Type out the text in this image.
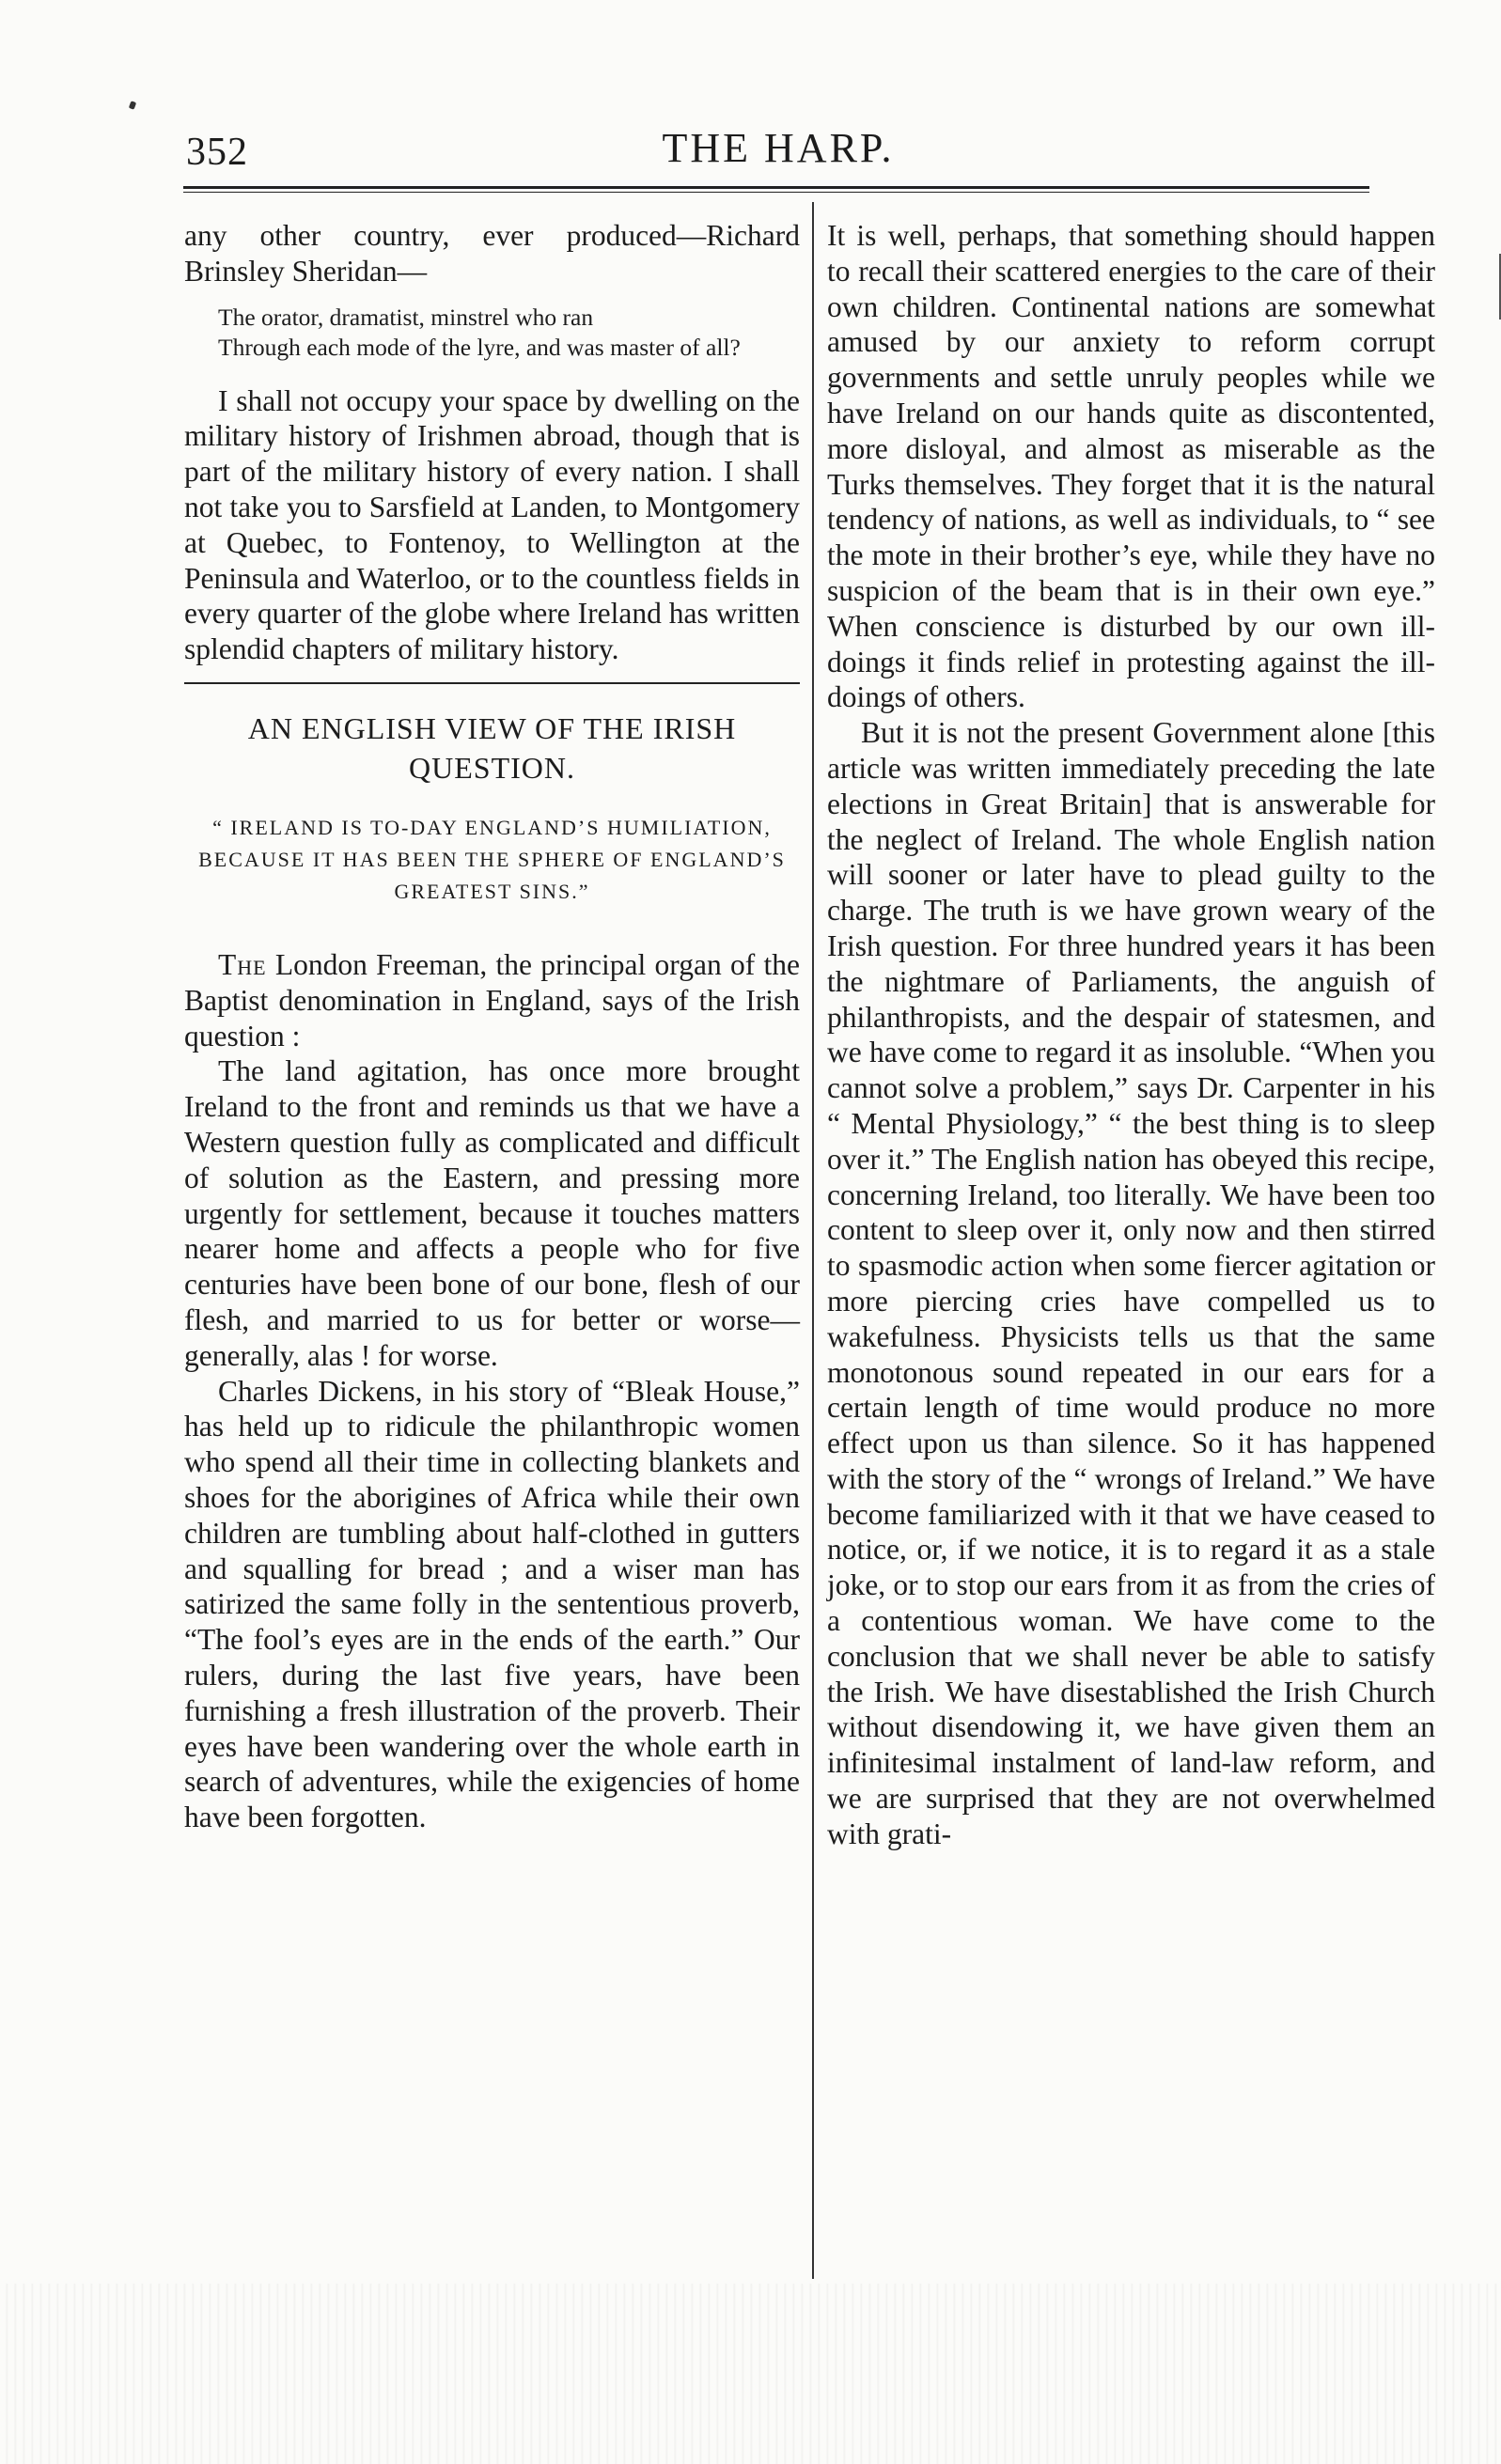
352	THE HARP.

any other country, ever produced—Richard Brinsley Sheridan—

The orator, dramatist, minstrel who ran
Through each mode of the lyre, and was master of all?

I shall not occupy your space by dwelling on the military history of Irishmen abroad, though that is part of the military history of every nation. I shall not take you to Sarsfield at Landen, to Montgomery at Quebec, to Fontenoy, to Wellington at the Peninsula and Waterloo, or to the countless fields in every quarter of the globe where Ireland has written splendid chapters of military history.

AN ENGLISH VIEW OF THE IRISH QUESTION.

“ IRELAND IS TO-DAY ENGLAND’S HUMILIATION, BECAUSE IT HAS BEEN THE SPHERE OF ENGLAND’S GREATEST SINS.”

The London Freeman, the principal organ of the Baptist denomination in England, says of the Irish question :

The land agitation, has once more brought Ireland to the front and reminds us that we have a Western question fully as complicated and difficult of solution as the Eastern, and pressing more urgently for settlement, because it touches matters nearer home and affects a people who for five centuries have been bone of our bone, flesh of our flesh, and married to us for better or worse—generally, alas ! for worse.

Charles Dickens, in his story of “Bleak House,” has held up to ridicule the philanthropic women who spend all their time in collecting blankets and shoes for the aborigines of Africa while their own children are tumbling about half-clothed in gutters and squalling for bread ; and a wiser man has satirized the same folly in the sententious proverb, “The fool’s eyes are in the ends of the earth.” Our rulers, during the last five years, have been furnishing a fresh illustration of the proverb. Their eyes have been wandering over the whole earth in search of adventures, while the exigencies of home have been forgotten.

It is well, perhaps, that something should happen to recall their scattered energies to the care of their own children. Continental nations are somewhat amused by our anxiety to reform corrupt governments and settle unruly peoples while we have Ireland on our hands quite as discontented, more disloyal, and almost as miserable as the Turks themselves. They forget that it is the natural tendency of nations, as well as individuals, to “ see the mote in their brother’s eye, while they have no suspicion of the beam that is in their own eye.” When conscience is disturbed by our own ill-doings it finds relief in protesting against the ill-doings of others.

But it is not the present Government alone [this article was written immediately preceding the late elections in Great Britain] that is answerable for the neglect of Ireland. The whole English nation will sooner or later have to plead guilty to the charge. The truth is we have grown weary of the Irish question. For three hundred years it has been the nightmare of Parliaments, the anguish of philanthropists, and the despair of statesmen, and we have come to regard it as insoluble. “When you cannot solve a problem,” says Dr. Carpenter in his “ Mental Physiology,” “ the best thing is to sleep over it.” The English nation has obeyed this recipe, concerning Ireland, too literally. We have been too content to sleep over it, only now and then stirred to spasmodic action when some fiercer agitation or more piercing cries have compelled us to wakefulness. Physicists tells us that the same monotonous sound repeated in our ears for a certain length of time would produce no more effect upon us than silence. So it has happened with the story of the “ wrongs of Ireland.” We have become familiarized with it that we have ceased to notice, or, if we notice, it is to regard it as a stale joke, or to stop our ears from it as from the cries of a contentious woman. We have come to the conclusion that we shall never be able to satisfy the Irish. We have disestablished the Irish Church without disendowing it, we have given them an infinitesimal instalment of land-law reform, and we are surprised that they are not overwhelmed with grati-
